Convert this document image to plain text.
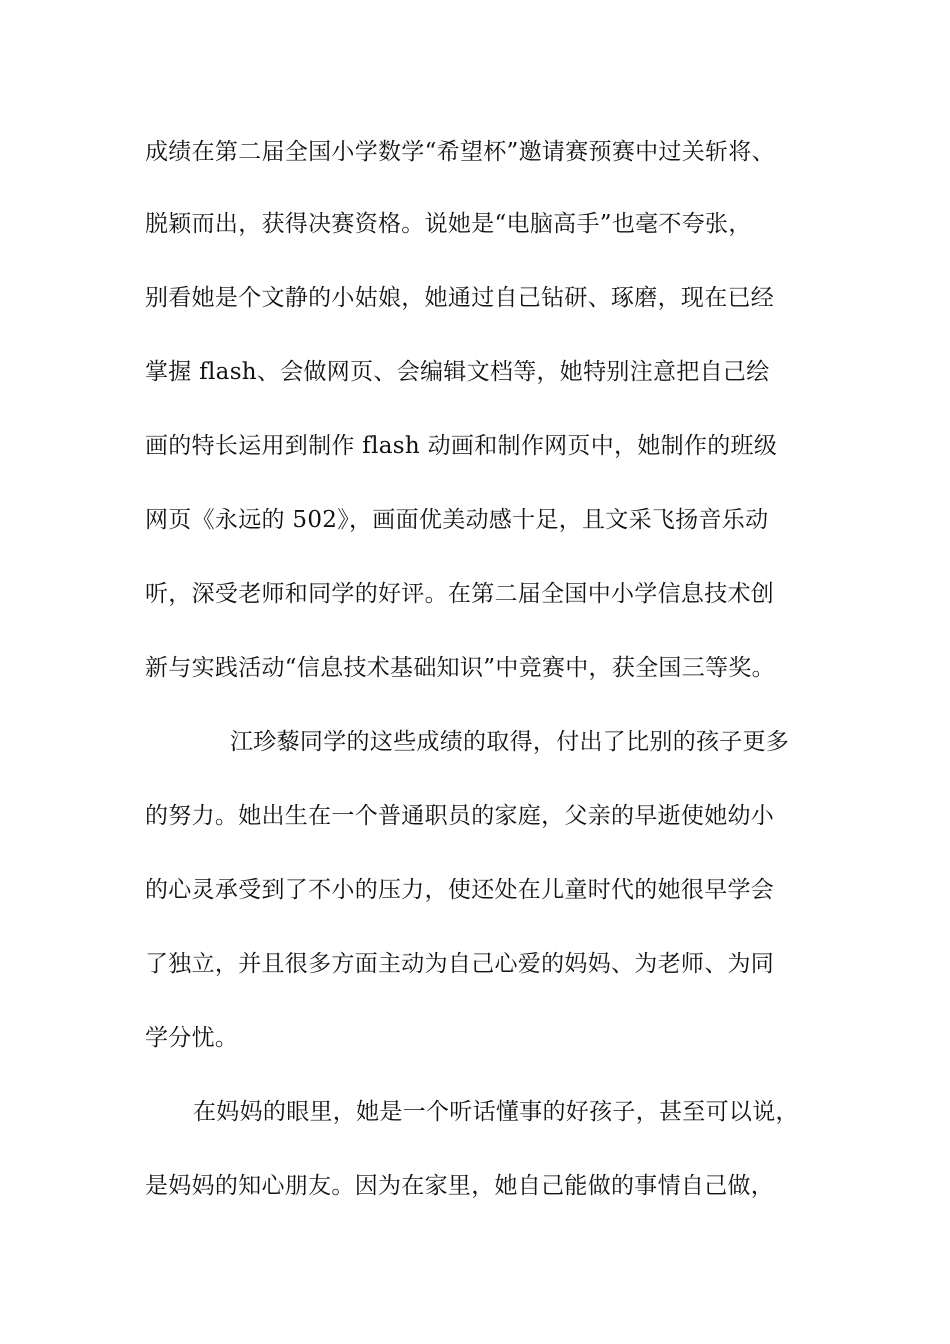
成绩在第二届全国小学数学“希望杯”邀请赛预赛中过关斩将、
脱颖而出，获得决赛资格。说她是“电脑高手”也毫不夸张，
别看她是个文静的小姑娘，她通过自己钻研、琢磨，现在已经
掌握 flash、会做网页、会编辑文档等，她特别注意把自己绘
画的特长运用到制作 flash 动画和制作网页中，她制作的班级
网页《永远的 502》，画面优美动感十足，且文采飞扬音乐动
听，深受老师和同学的好评。在第二届全国中小学信息技术创
新与实践活动“信息技术基础知识”中竞赛中，获全国三等奖。
江珍藜同学的这些成绩的取得，付出了比别的孩子更多
的努力。她出生在一个普通职员的家庭，父亲的早逝使她幼小
的心灵承受到了不小的压力，使还处在儿童时代的她很早学会
了独立，并且很多方面主动为自己心爱的妈妈、为老师、为同
学分忧。
在妈妈的眼里，她是一个听话懂事的好孩子，甚至可以说，
是妈妈的知心朋友。因为在家里，她自己能做的事情自己做，
